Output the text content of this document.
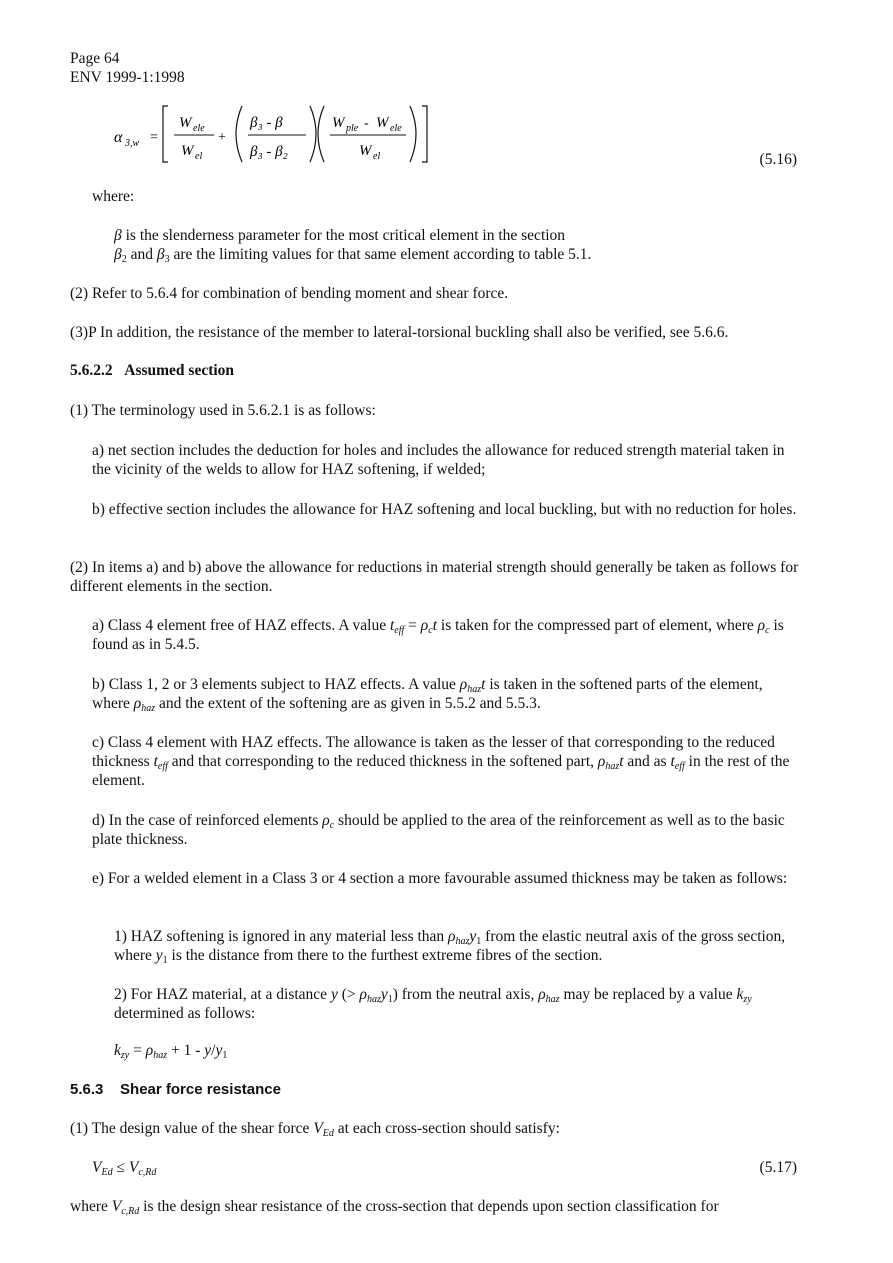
Page 64
ENV 1999-1:1998
α 3,w =
W ele
W el
+
β₃ - β
β₃ - β₂
W ple - W ele
W el	(5.16)
where:
β is the slenderness parameter for the most critical element in the section
$\beta_2$ and $\beta_3$ are the limiting values for that same element according to table 5.1.
(2) Refer to 5.6.4 for combination of bending moment and shear force.
(3)P In addition, the resistance of the member to lateral-torsional buckling shall also be verified, see 5.6.6.
5.6.2.2 Assumed section
(1) The terminology used in 5.6.2.1 is as follows:
a) net section includes the deduction for holes and includes the allowance for reduced strength material taken in the vicinity of the welds to allow for HAZ softening, if welded;
b) effective section includes the allowance for HAZ softening and local buckling, but with no reduction for holes.
(2) In items a) and b) above the allowance for reductions in material strength should generally be taken as follows for different elements in the section.
a) Class 4 element free of HAZ effects. A value $t_{eff} = \rho_ct$ is taken for the compressed part of element, where $\rho_c$ is found as in 5.4.5.
b) Class 1, 2 or 3 elements subject to HAZ effects. A value $\rho_{haz}t$ is taken in the softened parts of the element, where $\rho_{haz}$ and the extent of the softening are as given in 5.5.2 and 5.5.3.
c) Class 4 element with HAZ effects. The allowance is taken as the lesser of that corresponding to the reduced thickness $t_{eff}$ and that corresponding to the reduced thickness in the softened part, $\rho_{haz}t$ and as $t_{eff}$ in the rest of the element.
d) In the case of reinforced elements $\rho_c$ should be applied to the area of the reinforcement as well as to the basic plate thickness.
e) For a welded element in a Class 3 or 4 section a more favourable assumed thickness may be taken as follows:
1) HAZ softening is ignored in any material less than $\rho_{haz}y_1$ from the elastic neutral axis of the gross section, where $y_1$ is the distance from there to the furthest extreme fibres of the section.
2) For HAZ material, at a distance y (> $\rho_{haz}y_1$) from the neutral axis, $\rho_{haz}$ may be replaced by a value $k_{zy}$ determined as follows:
$k_{zy} = \rho_{haz} + 1 - y/y_1$
5.6.3 Shear force resistance
(1) The design value of the shear force $V_{Ed}$ at each cross-section should satisfy:
$V_{Ed} \le V_{c,Rd}$	(5.17)
where $V_{c,Rd}$ is the design shear resistance of the cross-section that depends upon section classification for
